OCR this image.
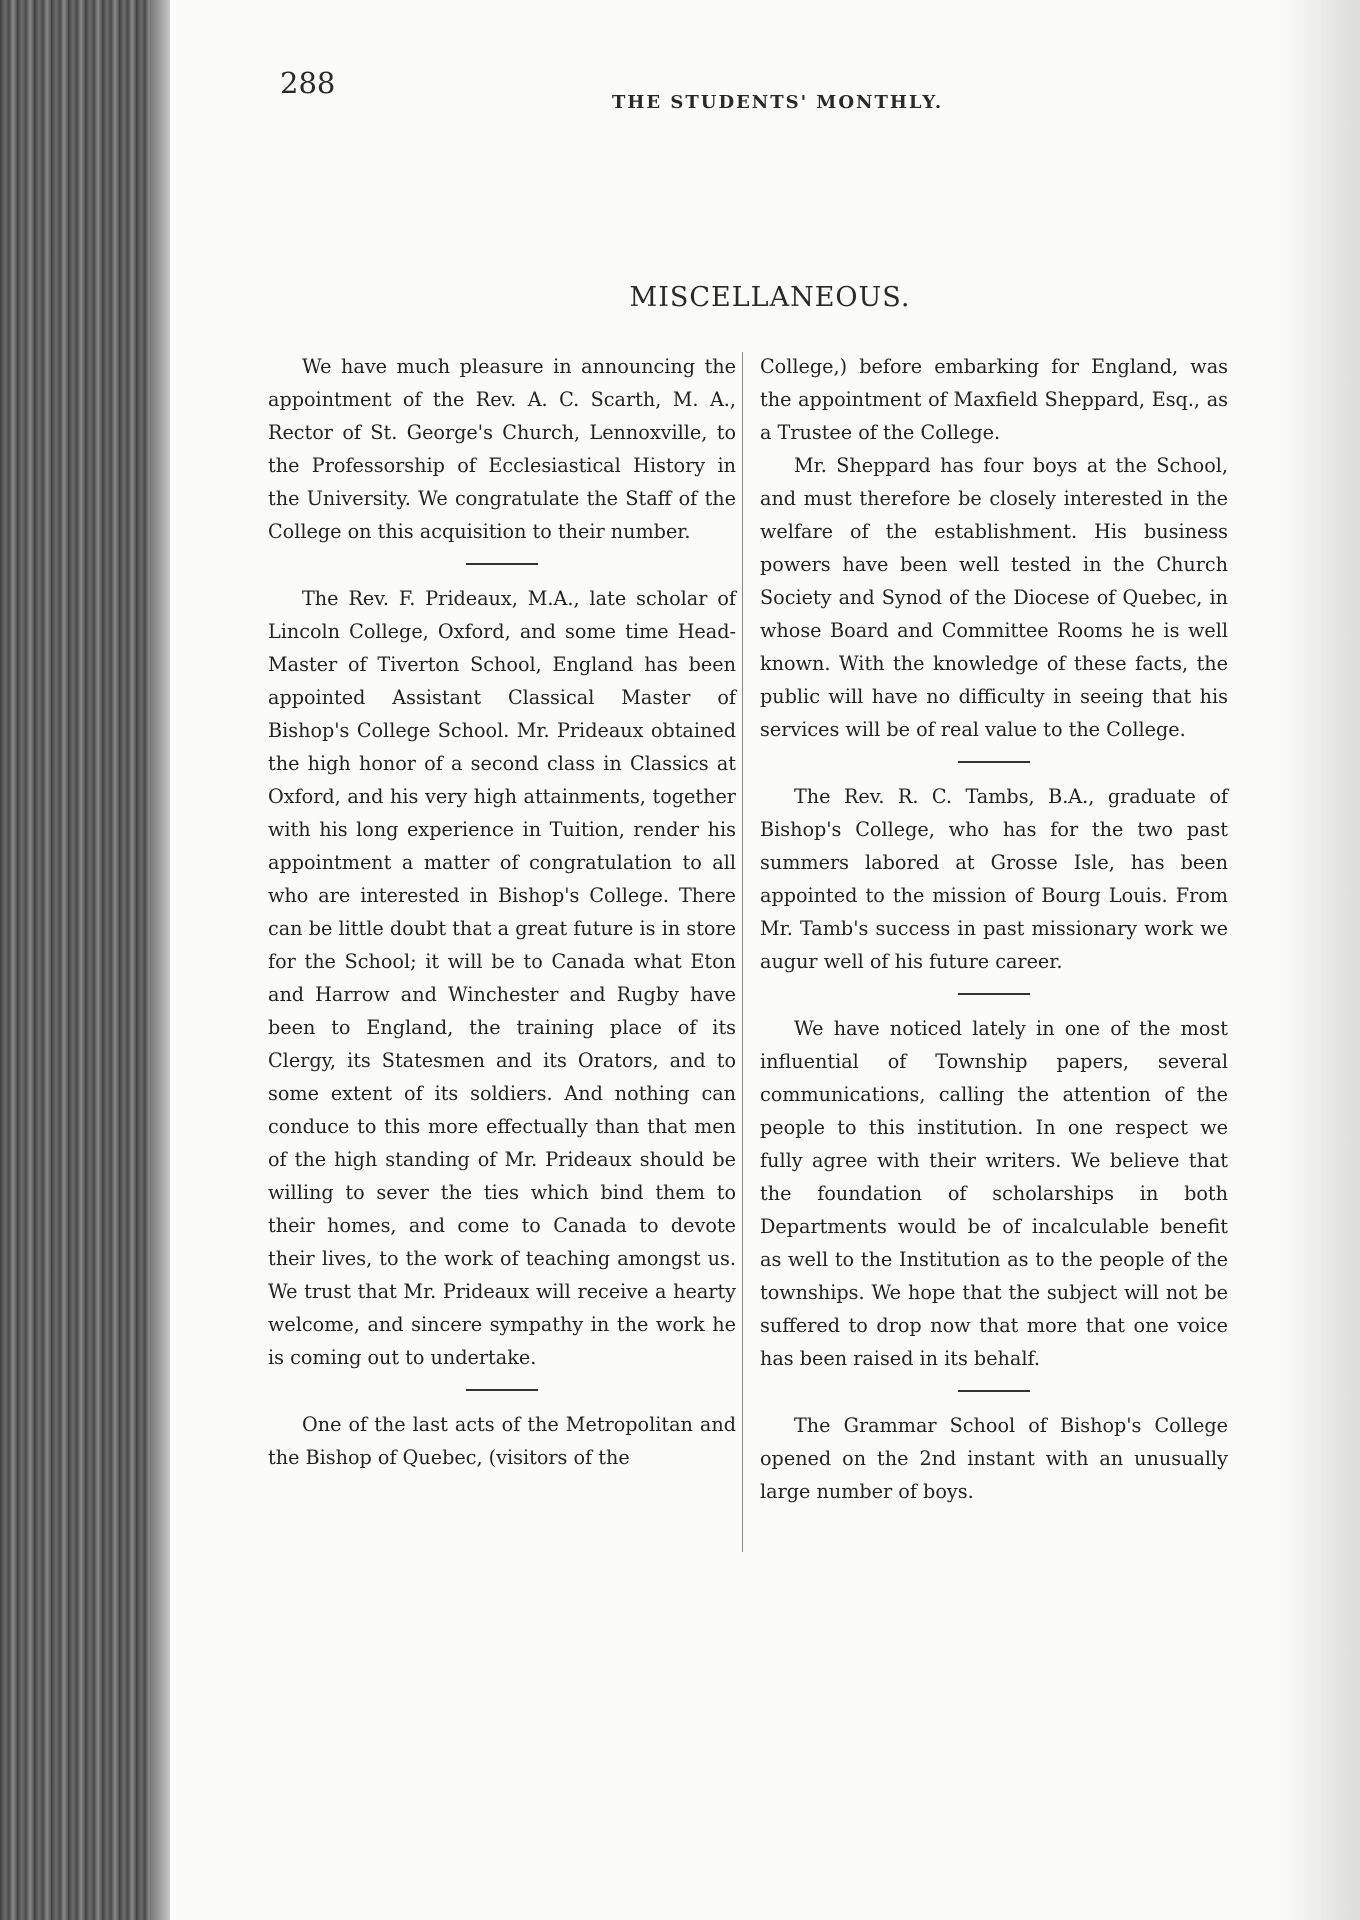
288
THE STUDENTS' MONTHLY.
MISCELLANEOUS.

We have much pleasure in announcing the appointment of the Rev. A. C. Scarth, M. A., Rector of St. George's Church, Lennoxville, to the Professorship of Ecclesiastical History in the University. We congratulate the Staff of the College on this acquisition to their number.

The Rev. F. Prideaux, M.A., late scholar of Lincoln College, Oxford, and some time Head-Master of Tiverton School, England has been appointed Assistant Classical Master of Bishop's College School. Mr. Prideaux obtained the high honor of a second class in Classics at Oxford, and his very high attainments, together with his long experience in Tuition, render his appointment a matter of congratulation to all who are interested in Bishop's College. There can be little doubt that a great future is in store for the School; it will be to Canada what Eton and Harrow and Winchester and Rugby have been to England, the training place of its Clergy, its Statesmen and its Orators, and to some extent of its soldiers. And nothing can conduce to this more effectually than that men of the high standing of Mr. Prideaux should be willing to sever the ties which bind them to their homes, and come to Canada to devote their lives, to the work of teaching amongst us. We trust that Mr. Prideaux will receive a hearty welcome, and sincere sympathy in the work he is coming out to undertake.

One of the last acts of the Metropolitan and the Bishop of Quebec, (visitors of the

College,) before embarking for England, was the appointment of Maxfield Sheppard, Esq., as a Trustee of the College.

Mr. Sheppard has four boys at the School, and must therefore be closely interested in the welfare of the establishment. His business powers have been well tested in the Church Society and Synod of the Diocese of Quebec, in whose Board and Committee Rooms he is well known. With the knowledge of these facts, the public will have no difficulty in seeing that his services will be of real value to the College.

The Rev. R. C. Tambs, B.A., graduate of Bishop's College, who has for the two past summers labored at Grosse Isle, has been appointed to the mission of Bourg Louis. From Mr. Tamb's success in past missionary work we augur well of his future career.

We have noticed lately in one of the most influential of Township papers, several communications, calling the attention of the people to this institution. In one respect we fully agree with their writers. We believe that the foundation of scholarships in both Departments would be of incalculable benefit as well to the Institution as to the people of the townships. We hope that the subject will not be suffered to drop now that more that one voice has been raised in its behalf.

The Grammar School of Bishop's College opened on the 2nd instant with an unusually large number of boys.
